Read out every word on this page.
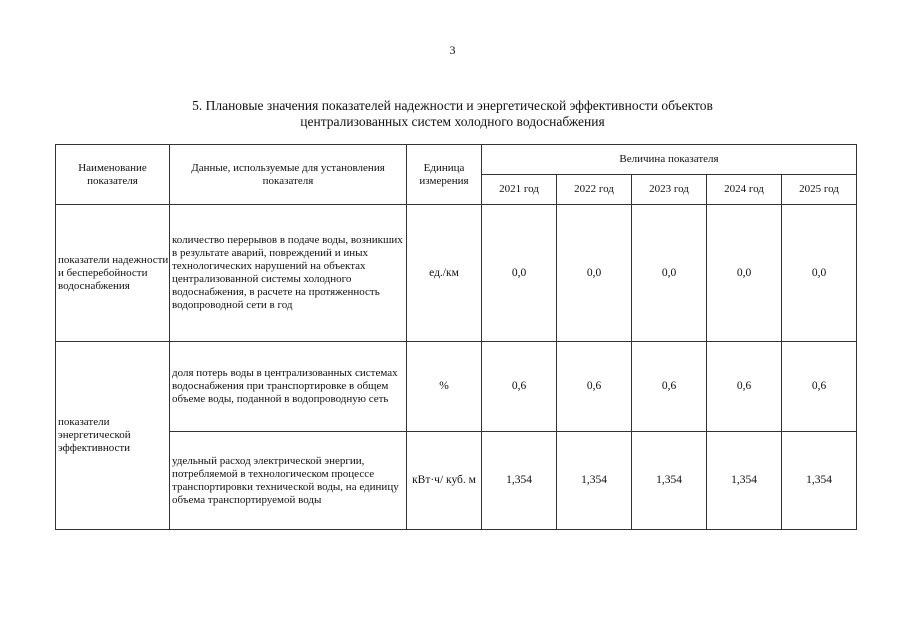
3
5. Плановые значения показателей надежности и энергетической эффективности объектов
централизованных систем холодного водоснабжения
Наименование показателя	Данные, используемые для установления показателя	Единица измерения	Величина показателя				
			2021 год	2022 год	2023 год	2024 год	2025 год
показатели надежности и бесперебойности водоснабжения	количество перерывов в подаче воды, возникших в результате аварий, повреждений и иных технологических нарушений на объектах централизованной системы холодного водоснабжения, в расчете на протяженность водопроводной сети в год	ед./км	0,0	0,0	0,0	0,0	0,0
показатели энергетической эффективности	доля потерь воды в централизованных системах водоснабжения при транспортировке в общем объеме воды, поданной в водопроводную сеть	%	0,6	0,6	0,6	0,6	0,6
	удельный расход электрической энергии, потребляемой в технологическом процессе транспортировки технической воды, на единицу объема транспортируемой воды	кВт·ч/ куб. м	1,354	1,354	1,354	1,354	1,354
